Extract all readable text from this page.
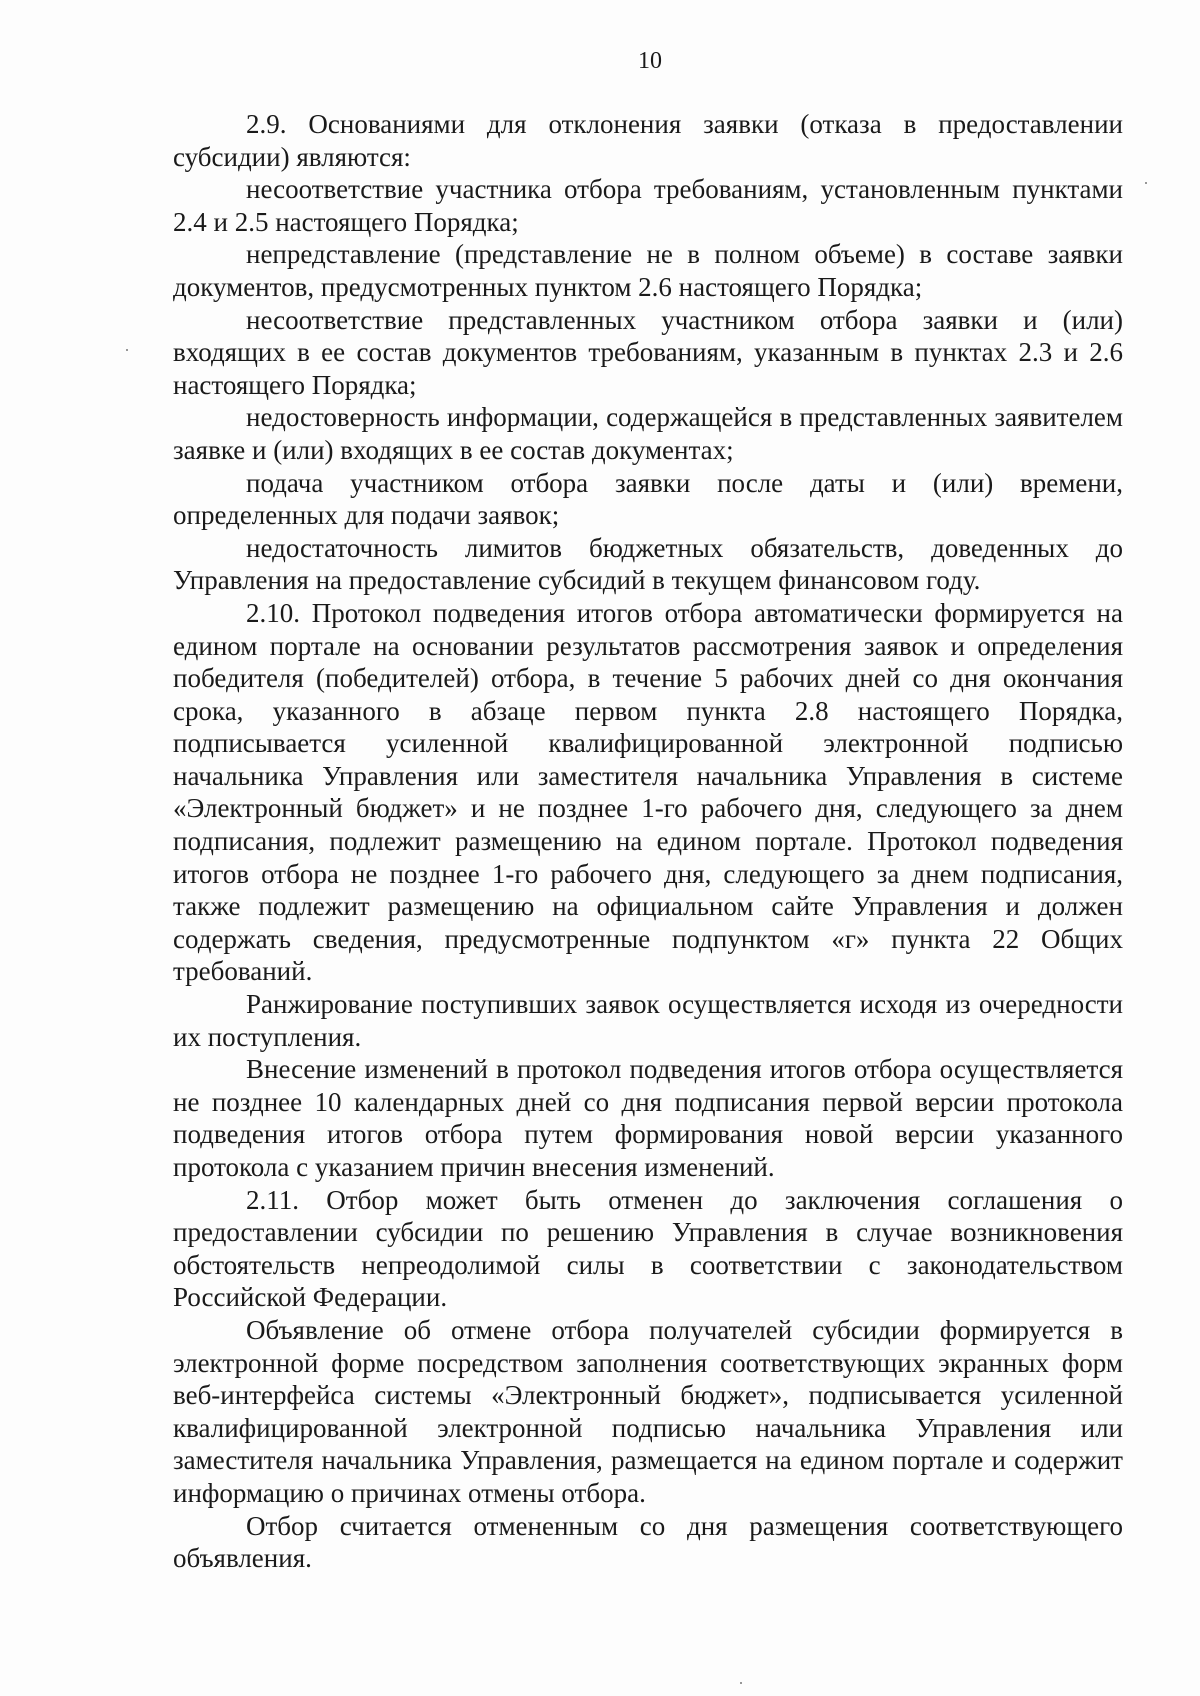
10

2.9. Основаниями для отклонения заявки (отказа в предоставлении субсидии) являются:

несоответствие участника отбора требованиям, установленным пунктами 2.4 и 2.5 настоящего Порядка;

непредставление (представление не в полном объеме) в составе заявки документов, предусмотренных пунктом 2.6 настоящего Порядка;

несоответствие представленных участником отбора заявки и (или) входящих в ее состав документов требованиям, указанным в пунктах 2.3 и 2.6 настоящего Порядка;

недостоверность информации, содержащейся в представленных заявителем заявке и (или) входящих в ее состав документах;

подача участником отбора заявки после даты и (или) времени, определенных для подачи заявок;

недостаточность лимитов бюджетных обязательств, доведенных до Управления на предоставление субсидий в текущем финансовом году.

2.10. Протокол подведения итогов отбора автоматически формируется на едином портале на основании результатов рассмотрения заявок и определения победителя (победителей) отбора, в течение 5 рабочих дней со дня окончания срока, указанного в абзаце первом пункта 2.8 настоящего Порядка, подписывается усиленной квалифицированной электронной подписью начальника Управления или заместителя начальника Управления в системе «Электронный бюджет» и не позднее 1-го рабочего дня, следующего за днем подписания, подлежит размещению на едином портале. Протокол подведения итогов отбора не позднее 1-го рабочего дня, следующего за днем подписания, также подлежит размещению на официальном сайте Управления и должен содержать сведения, предусмотренные подпунктом «г» пункта 22 Общих требований.

Ранжирование поступивших заявок осуществляется исходя из очередности их поступления.

Внесение изменений в протокол подведения итогов отбора осуществляется не позднее 10 календарных дней со дня подписания первой версии протокола подведения итогов отбора путем формирования новой версии указанного протокола с указанием причин внесения изменений.

2.11. Отбор может быть отменен до заключения соглашения о предоставлении субсидии по решению Управления в случае возникновения обстоятельств непреодолимой силы в соответствии с законодательством Российской Федерации.

Объявление об отмене отбора получателей субсидии формируется в электронной форме посредством заполнения соответствующих экранных форм веб-интерфейса системы «Электронный бюджет», подписывается усиленной квалифицированной электронной подписью начальника Управления или заместителя начальника Управления, размещается на едином портале и содержит информацию о причинах отмены отбора.

Отбор считается отмененным со дня размещения соответствующего объявления.
